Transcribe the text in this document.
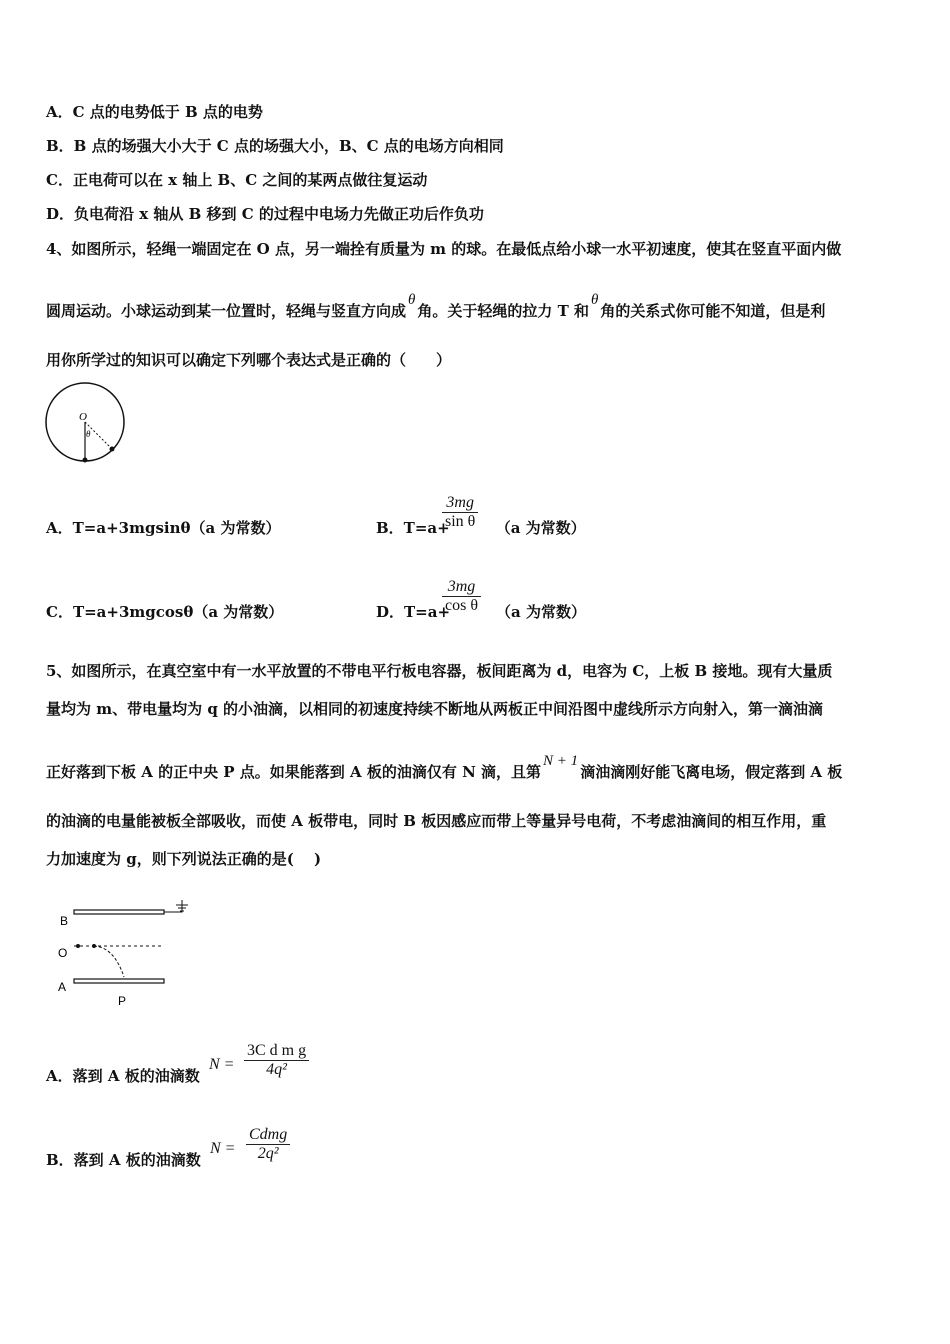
A．C 点的电势低于 B 点的电势
B．B 点的场强大小大于 C 点的场强大小，B、C 点的电场方向相同
C．正电荷可以在 x 轴上 B、C 之间的某两点做往复运动
D．负电荷沿 x 轴从 B 移到 C 的过程中电场力先做正功后作负功
4、如图所示，轻绳一端固定在 O 点，另一端拴有质量为 m 的球。在最低点给小球一水平初速度，使其在竖直平面内做
圆周运动。小球运动到某一位置时，轻绳与竖直方向成θ角。关于轻绳的拉力 T 和θ角的关系式你可能不知道，但是利
用你所学过的知识可以确定下列哪个表达式是正确的（　　）
O
θ
A．T=a+3mgsinθ（a 为常数）	B．T=a+	（a 为常数）
3mg
sin θ
C．T=a+3mgcosθ（a 为常数）	D．T=a+	（a 为常数）
3mg
cos θ
5、如图所示，在真空室中有一水平放置的不带电平行板电容器，板间距离为 d，电容为 C，上板 B 接地。现有大量质
量均为 m、带电量均为 q 的小油滴，以相同的初速度持续不断地从两板正中间沿图中虚线所示方向射入，第一滴油滴
正好落到下板 A 的正中央 P 点。如果能落到 A 板的油滴仅有 N 滴，且第N + 1滴油滴刚好能飞离电场，假定落到 A 板
的油滴的电量能被板全部吸收，而使 A 板带电，同时 B 板因感应而带上等量异号电荷，不考虑油滴间的相互作用，重
力加速度为 g，则下列说法正确的是(　 )
B
O
A
P
A．落到 A 板的油滴数 N =
3C d m g
4q²
B．落到 A 板的油滴数 N =
Cdmg
2q²
